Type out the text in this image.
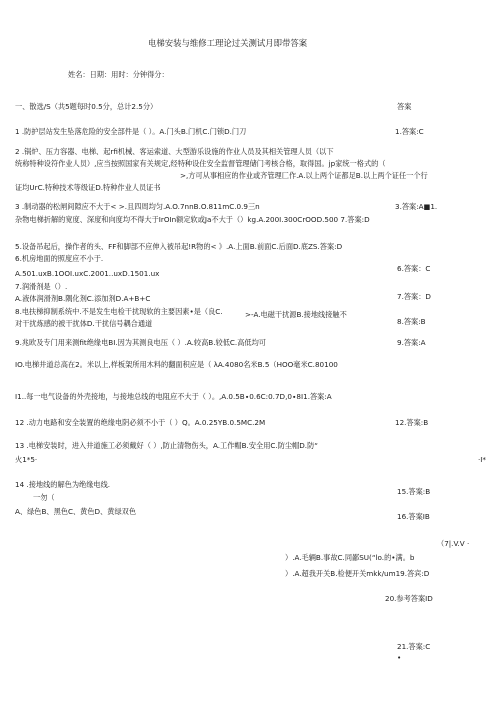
电梯安装与维修工理论过关测试月即带答案
姓名：日期：用时：分钟得分：
一、散选/S（共5题每时0.5分，总计2.5分）	答案
1 .防护层站发生坠落危险的安全部件是（ ）。A.门头B.门机C.门锁D.门刀	1.答案:C
2 .锅炉、压力容器、电梯、起rfi机械、客运索道、大型游乐设施的作业人员及其相关管理人员（以下
统称特种设符作业人员）,应当按照国家有关规定,经特种设住安全监督管理储门考核合格，取得国。jp家统一格式的（
>,方可从事相应的作业或齐管理匚作.A.以上两个证都足B.以上两个证任一个行
证均UrC.特种技术等级证D.特种作业人员证书
3 .制动器的松闸间隙应不大于< >.且四周均匀.A.O.7nnB.O.811mC.0.9三n	3.答案:A■1.
杂物电梯折解的宽度、深度和向度均不得大于IrOIn额定软或Ja不大于（）kg.A.200I.300CrOOD.500 7.答案:D
5.设备吊起后，操作者的头、FF和脚部不应伸入被吊起!R物的< 》.A.上面B.前面C.后面D.底ZS.答案:D
6.机房地面的照度应不小于.
6.答案：C
A.501.uxB.1OOI.uxC.2001..uxD.1501.ux
7.润滑剂是（）.
A.液体润滑剂B.隅化剂C.添加剂D.A+B+C	7.答案：D
8.电扶梯抑制系统中.不是发生电检干扰现软的主要因素•是（良C.	>-A.电磁干扰源B.接地线接触不
对干扰炼感的被干扰体D.干扰信号耦合通道	8.答案:B
9.兆欧及专门用来测fit绝缘电BI.因为其测良电压（ ）.A.较高B.较低C.高低均可	9.答案:A
IO.电梯井道总高在2。米以上,样板架所用木料的翻面积应是（ λA.4080名米B.5（HOO毫米C.80100
I1..每一电气设备的外壳接地，与接地总线的电阻应不大于（ ）。,A.0.5B∙0.6C:0.7D,0∙8I1.答案:A
12 .动力电路和安全装置的绝缘电阴必须不小于（ ）Q。A.0.25YB.0.5MC.2M	12.答案:B
13 .电梯安装时，进入井道施工必须戴好（ ）,防止清物伤头，A.工作帽B.安全用C.防尘帽D.防“
火1*5·	·I*
14 .接地线的解色为绝缘电线.
15.答案:B
一勿（
A、绿色B、黑色C、黄色D、黄绿双色
16.答案IB
（7|.V.V ·
）.A.毛辆B.事故C.同鄙SU(“lo.的•满。b
）.A.超我开关B.检便开关mkk/um19.答宾:D
20.参考答案ID
21.答案:C
•
